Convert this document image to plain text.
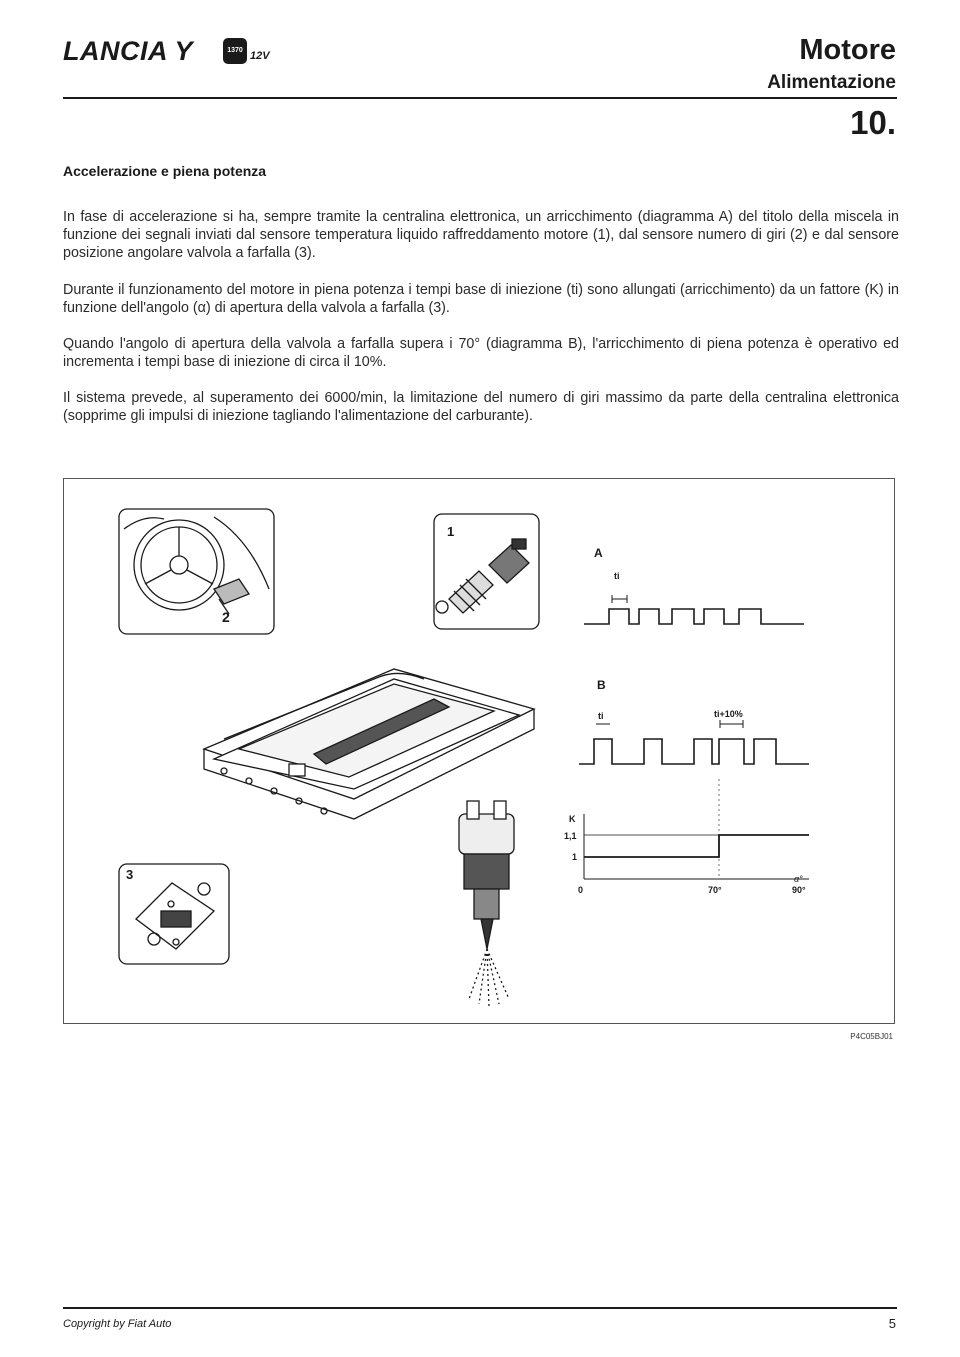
LANCIA Y	1370 12V	Motore
Alimentazione
10.
Accelerazione e piena potenza
In fase di accelerazione si ha, sempre tramite la centralina elettronica, un arricchimento (diagramma A) del titolo della miscela in funzione dei segnali inviati dal sensore temperatura liquido raffreddamento motore (1), dal sensore numero di giri (2) e dal sensore posizione angolare valvola a farfalla (3).
Durante il funzionamento del motore in piena potenza i tempi base di iniezione (ti) sono allungati (arricchimento) da un fattore (K) in funzione dell'angolo (α) di apertura della valvola a farfalla (3).
Quando l'angolo di apertura della valvola a farfalla supera i 70° (diagramma B), l'arricchimento di piena potenza è operativo ed incrementa i tempi base di iniezione di circa il 10%.
Il sistema prevede, al superamento dei 6000/min, la limitazione del numero di giri massimo da parte della centralina elettronica (sopprime gli impulsi di iniezione tagliando l'alimentazione del carburante).
2
1
3
A
ti
B
ti	ti+10%
K
1,1
1
0	70°	90°
α°
P4C05BJ01
Copyright by Fiat Auto	5
